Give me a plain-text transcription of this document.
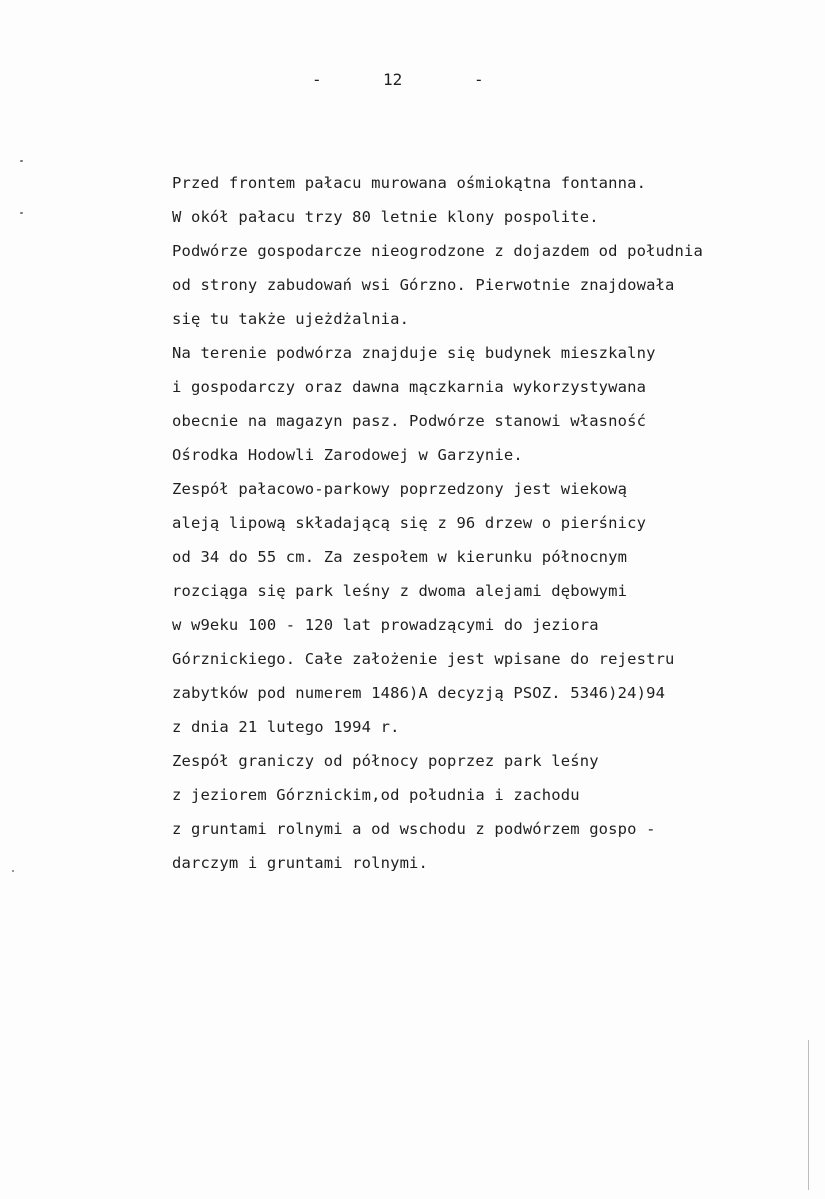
-	12	-
Przed frontem pałacu murowana ośmiokątna fontanna.
W okół pałacu trzy 80 letnie klony pospolite.
Podwórze gospodarcze nieogrodzone z dojazdem od południa
od strony zabudowań wsi Górzno. Pierwotnie znajdowała
się tu także ujeżdżalnia.
Na terenie podwórza znajduje się budynek mieszkalny
i gospodarczy oraz dawna mączkarnia wykorzystywana
obecnie na magazyn pasz. Podwórze stanowi własność
Ośrodka Hodowli Zarodowej w Garzynie.
Zespół pałacowo-parkowy poprzedzony jest wiekową
aleją lipową składającą się z 96 drzew o pierśnicy
od 34 do 55 cm. Za zespołem w kierunku północnym
rozciąga się park leśny z dwoma alejami dębowymi
w w9eku 100 - 120 lat prowadzącymi do jeziora
Górznickiego. Całe założenie jest wpisane do rejestru
zabytków pod numerem 1486)A decyzją PSOZ. 5346)24)94
z dnia 21 lutego 1994 r.
Zespół graniczy od północy poprzez park leśny
z jeziorem Górznickim,od południa i zachodu
z gruntami rolnymi a od wschodu z podwórzem gospo -
darczym i gruntami rolnymi.
